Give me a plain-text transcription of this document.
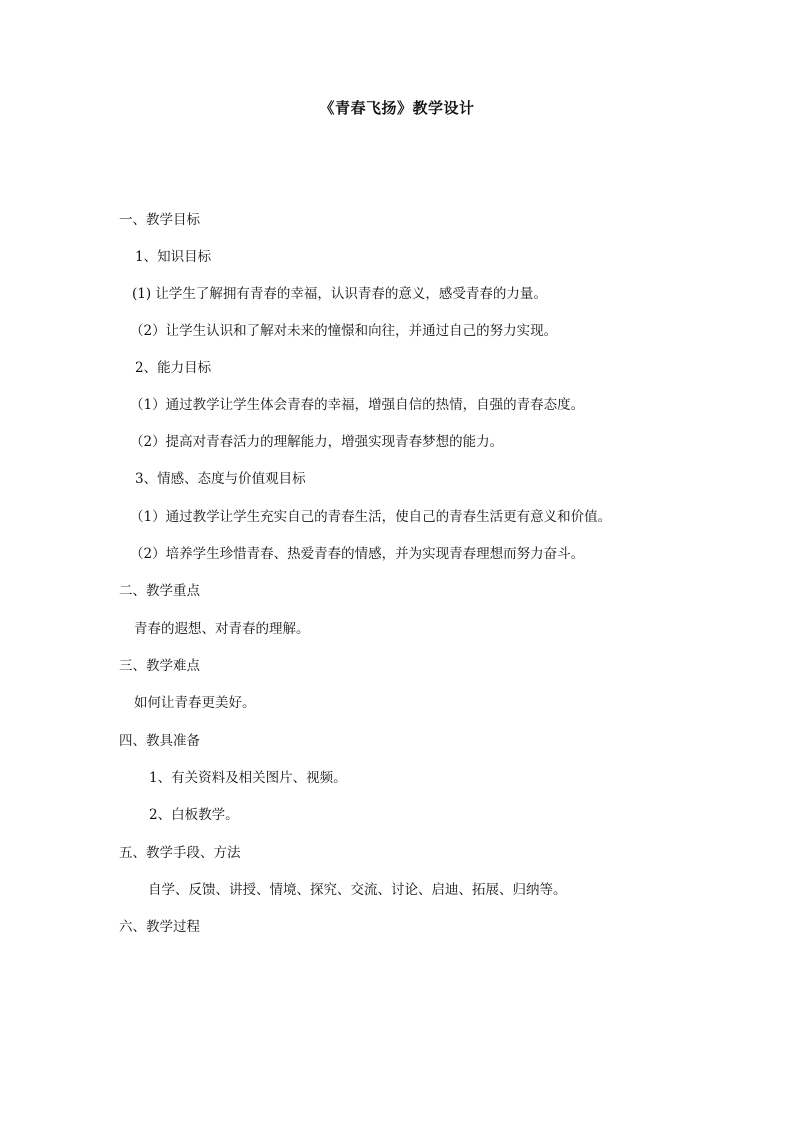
《青春飞扬》教学设计
一、教学目标
1、知识目标
(1) 让学生了解拥有青春的幸福，认识青春的意义，感受青春的力量。
（2）让学生认识和了解对未来的憧憬和向往，并通过自己的努力实现。
2、能力目标
（1）通过教学让学生体会青春的幸福，增强自信的热情，自强的青春态度。
（2）提高对青春活力的理解能力，增强实现青春梦想的能力。
3、情感、态度与价值观目标
（1）通过教学让学生充实自己的青春生活，使自己的青春生活更有意义和价值。
（2）培养学生珍惜青春、热爱青春的情感，并为实现青春理想而努力奋斗。
二、教学重点
青春的遐想、对青春的理解。
三、教学难点
如何让青春更美好。
四、教具准备
1、有关资料及相关图片、视频。
2、白板教学。
五、教学手段、方法
自学、反馈、讲授、情境、探究、交流、讨论、启迪、拓展、归纳等。
六、教学过程
